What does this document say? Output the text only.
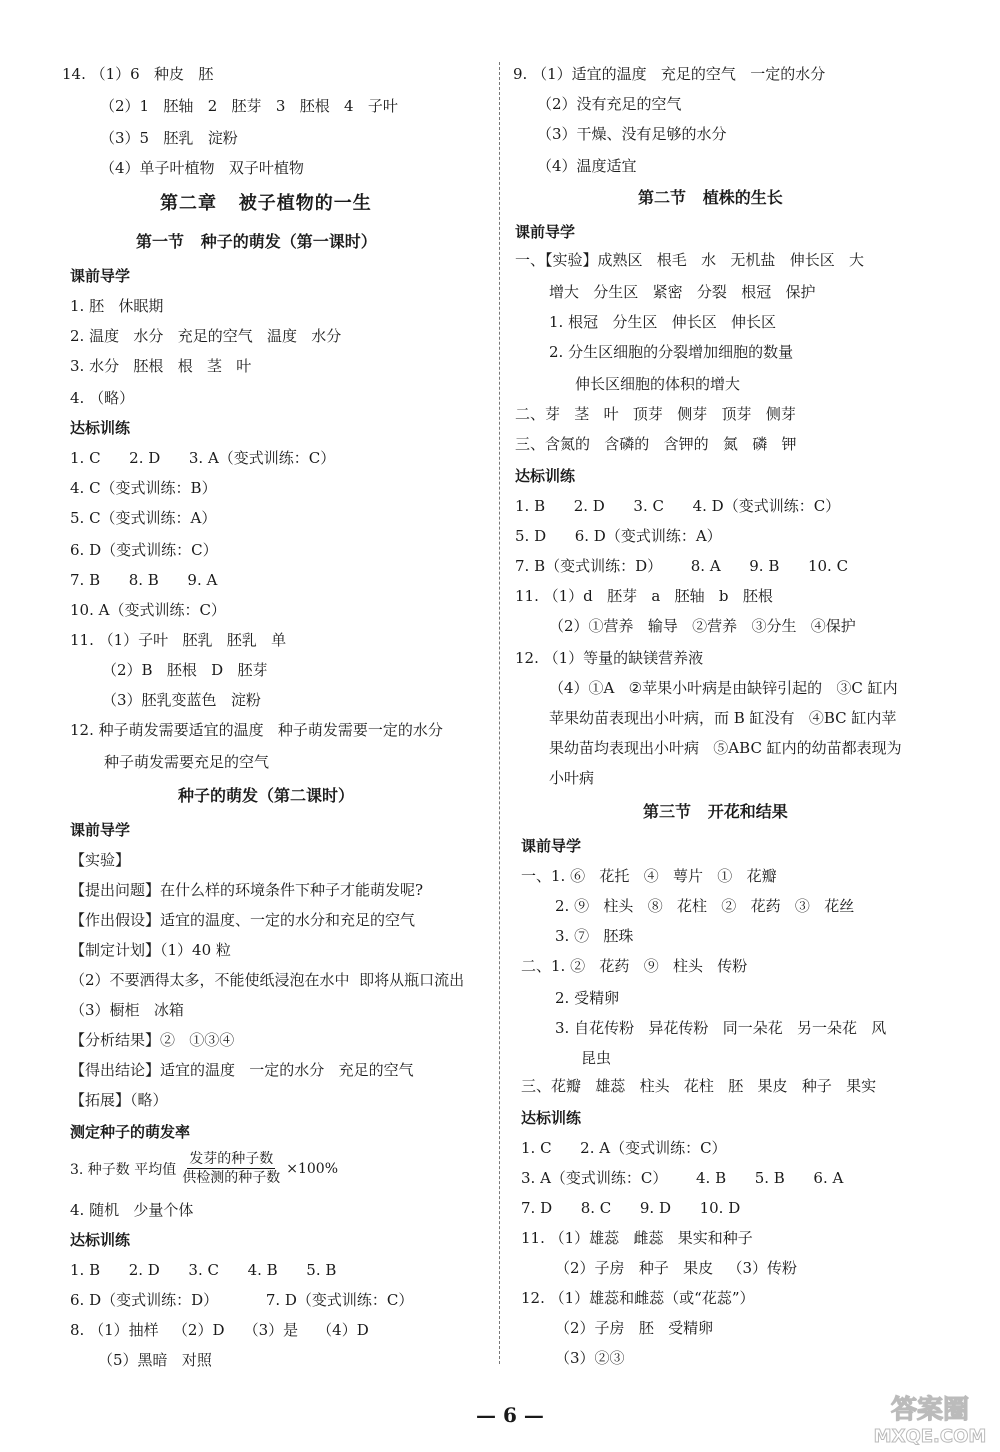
14. （1）6   种皮   胚
（2）1   胚轴   2   胚芽   3   胚根   4   子叶
（3）5   胚乳   淀粉
（4）单子叶植物   双子叶植物
第二章   被子植物的一生
第一节   种子的萌发（第一课时）
课前导学
1. 胚   休眠期
2. 温度   水分   充足的空气   温度   水分
3. 水分   胚根   根   茎   叶
4. （略）
达标训练
1. C      2. D      3. A（变式训练：C）
4. C（变式训练：B）
5. C（变式训练：A）
6. D（变式训练：C）
7. B      8. B      9. A
10. A（变式训练：C）
11. （1）子叶   胚乳   胚乳   单
（2）B   胚根   D   胚芽
（3）胚乳变蓝色   淀粉
12. 种子萌发需要适宜的温度   种子萌发需要一定的水分
种子萌发需要充足的空气
种子的萌发（第二课时）
课前导学
【实验】
【提出问题】在什么样的环境条件下种子才能萌发呢?
【作出假设】适宜的温度、一定的水分和充足的空气
【制定计划】（1）40 粒
（2）不要洒得太多，不能使纸浸泡在水中  即将从瓶口流出
（3）橱柜   冰箱
【分析结果】②   ①③④
【得出结论】适宜的温度   一定的水分   充足的空气
【拓展】（略）
测定种子的萌发率
3. 种子数 平均值 $\frac{\text{发芽的种子数}}{\text{供检测的种子数}} \times 100\%$
4. 随机   少量个体
达标训练
1. B      2. D      3. C      4. B      5. B
6. D（变式训练：D）          7. D（变式训练：C）
8. （1）抽样   （2）D    （3）是    （4）D
（5）黑暗   对照
9. （1）适宜的温度   充足的空气   一定的水分
（2）没有充足的空气
（3）干燥、没有足够的水分
（4）温度适宜
第二节   植株的生长
课前导学
一、【实验】成熟区   根毛   水   无机盐   伸长区   大
增大   分生区   紧密   分裂   根冠   保护
1. 根冠   分生区   伸长区   伸长区
2. 分生区细胞的分裂增加细胞的数量
伸长区细胞的体积的增大
二、芽   茎   叶   顶芽   侧芽   顶芽   侧芽
三、含氮的   含磷的   含钾的   氮   磷   钾
达标训练
1. B      2. D      3. C      4. D（变式训练：C）
5. D      6. D（变式训练：A）
7. B（变式训练：D）      8. A      9. B      10. C
11. （1）d   胚芽   a   胚轴   b   胚根
（2）①营养   输导   ②营养   ③分生   ④保护
12. （1）等量的缺镁营养液
（4）①A   ②苹果小叶病是由缺锌引起的   ③C 缸内
苹果幼苗表现出小叶病，而 B 缸没有   ④BC 缸内苹
果幼苗均表现出小叶病   ⑤ABC 缸内的幼苗都表现为
小叶病
第三节   开花和结果
课前导学
一、1. ⑥   花托   ④   萼片   ①   花瓣
2. ⑨   柱头   ⑧   花柱   ②   花药   ③   花丝
3. ⑦   胚珠
二、1. ②   花药   ⑨   柱头   传粉
2. 受精卵
3. 自花传粉   异花传粉   同一朵花   另一朵花   风
昆虫
三、花瓣   雄蕊   柱头   花柱   胚   果皮   种子   果实
达标训练
1. C      2. A（变式训练：C）
3. A（变式训练：C）      4. B      5. B      6. A
7. D      8. C      9. D      10. D
11. （1）雄蕊   雌蕊   果实和种子
（2）子房   种子   果皮   （3）传粉
12. （1）雄蕊和雌蕊（或“花蕊”）
（2）子房   胚   受精卵
（3）②③
— 6 —	答案圈
MXQE.COM
